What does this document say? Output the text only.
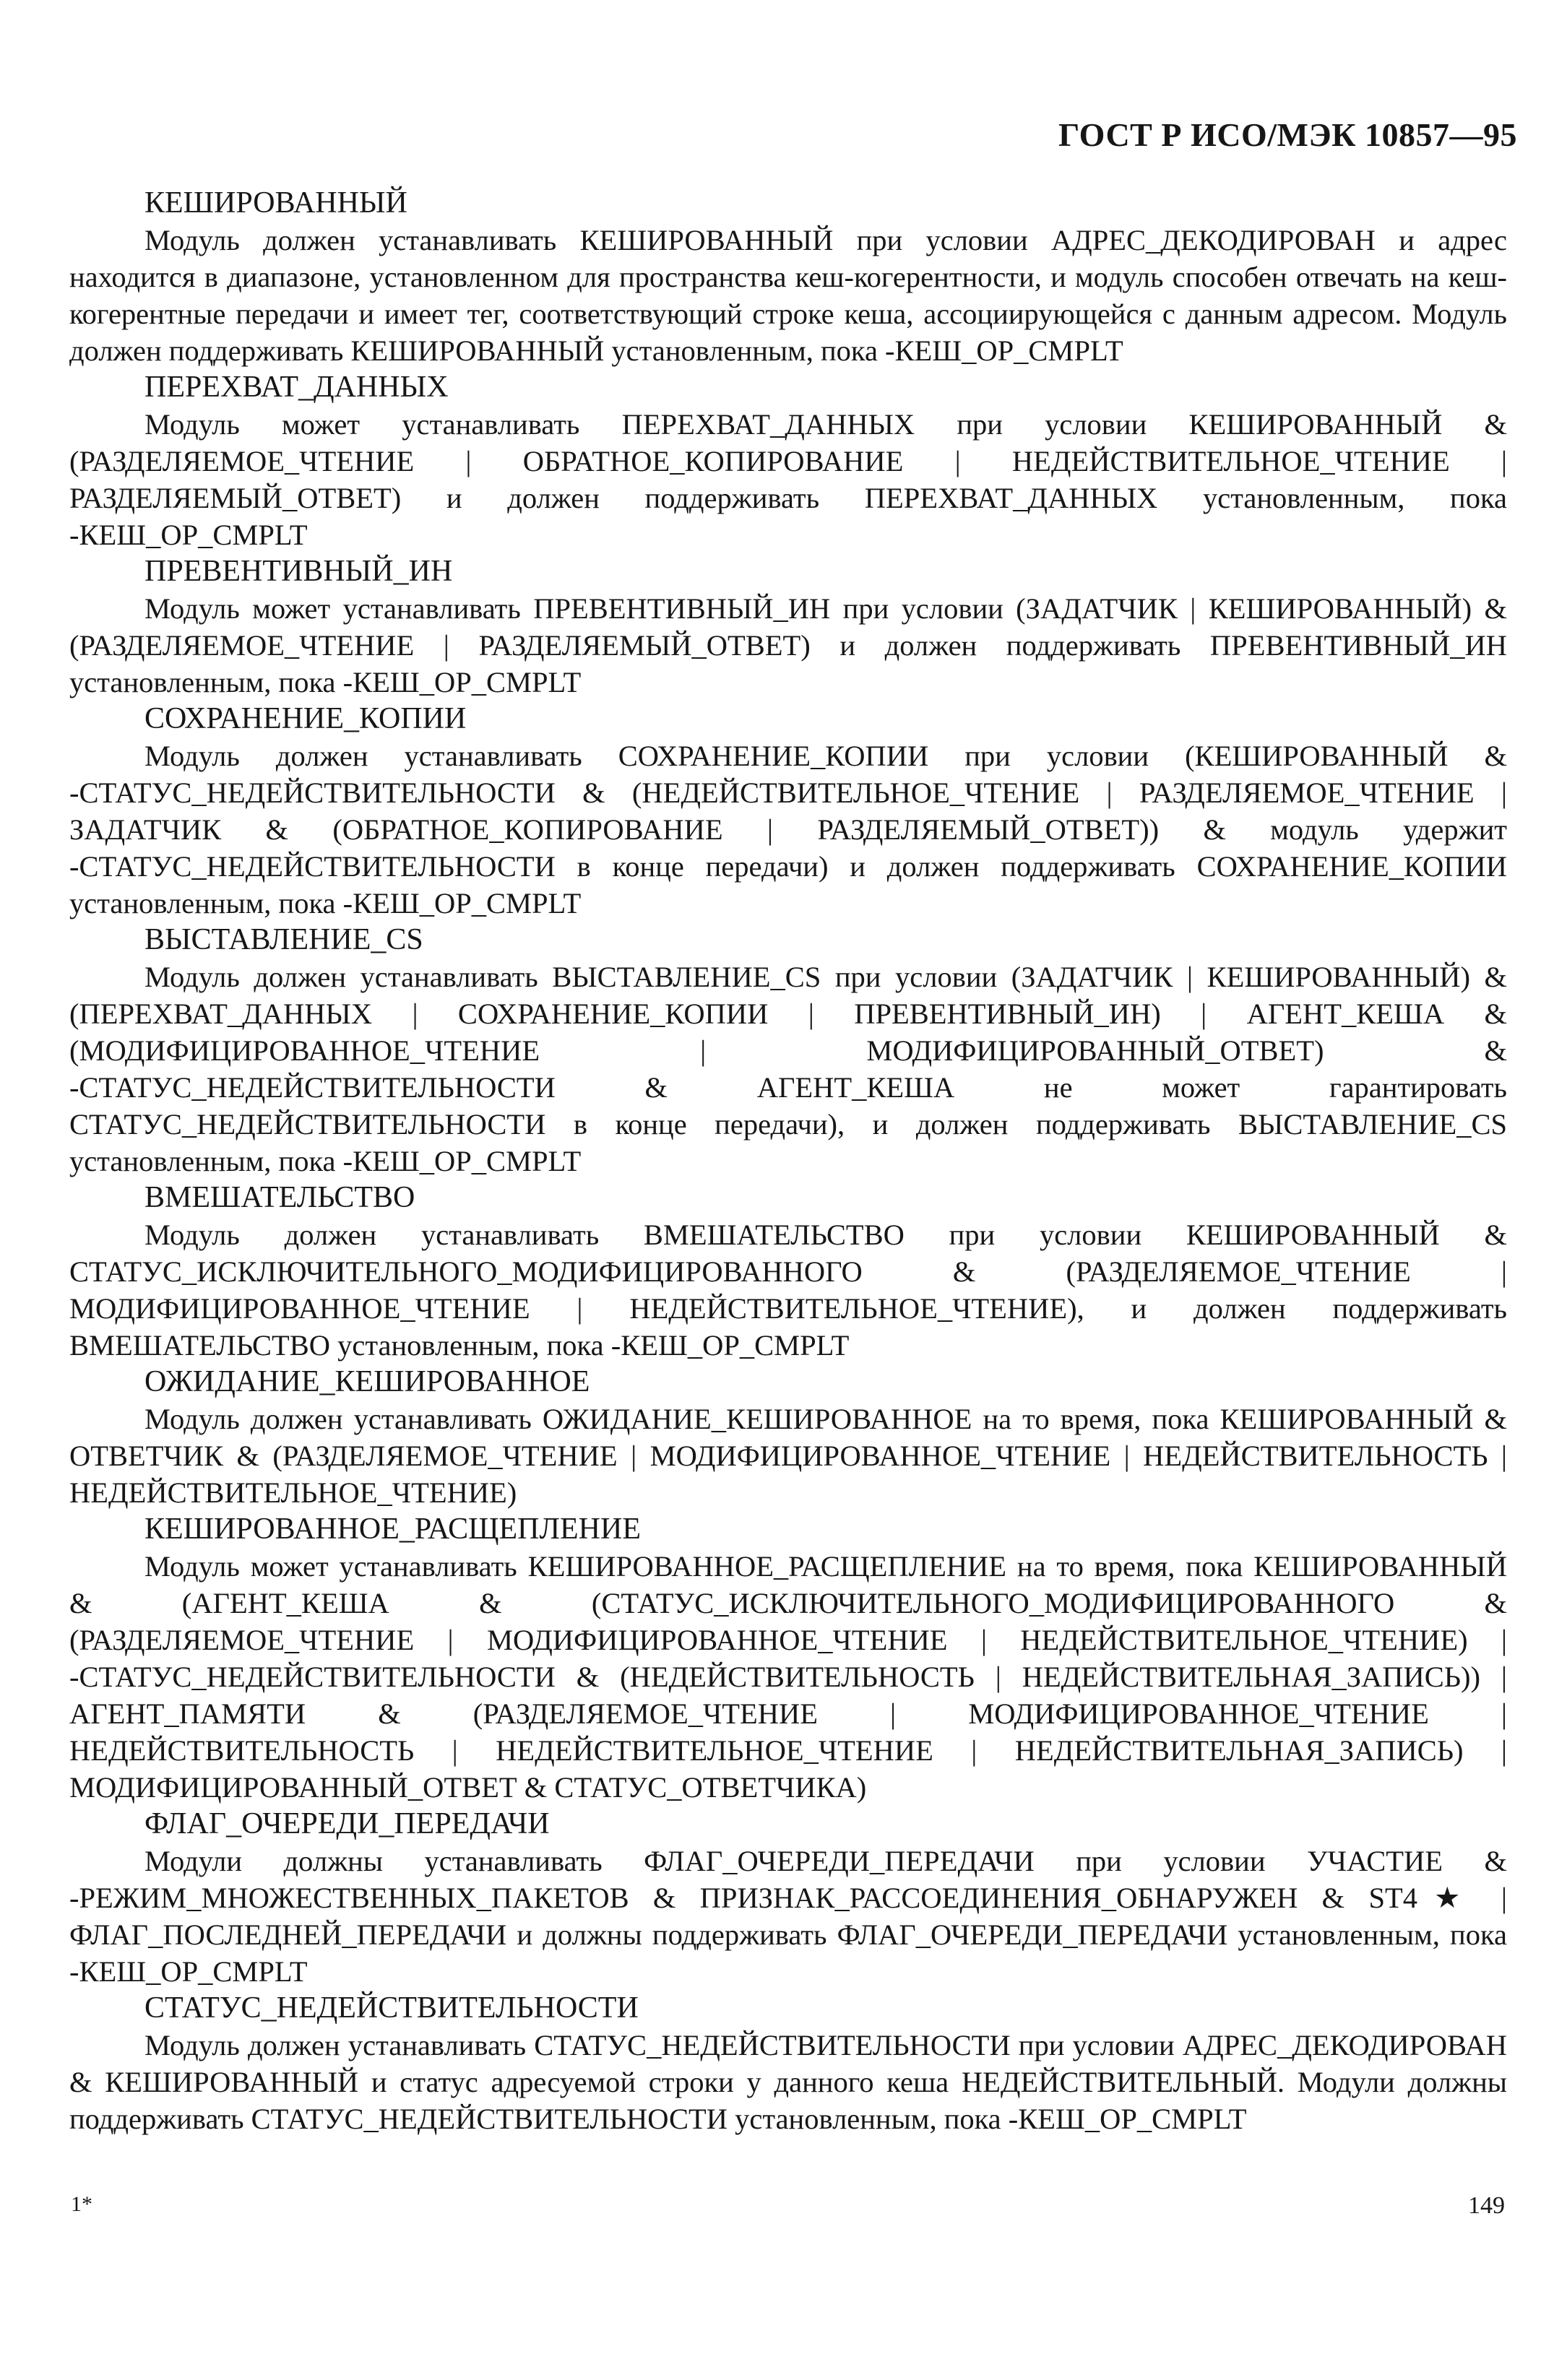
ГОСТ Р ИСО/МЭК 10857—95
КЕШИРОВАННЫЙ

Модуль должен устанавливать КЕШИРОВАННЫЙ при условии АДРЕС_ДЕКОДИРОВАН и адрес находится в диапазоне, установленном для пространства кеш-когерентности, и модуль способен отвечать на кеш-когерентные передачи и имеет тег, соответствующий строке кеша, ассоциирующейся с данным адресом. Модуль должен поддерживать КЕШИРОВАННЫЙ установленным, пока -КЕШ_ОР_CMPLT

ПЕРЕХВАТ_ДАННЫХ

Модуль может устанавливать ПЕРЕХВАТ_ДАННЫХ при условии КЕШИРОВАННЫЙ & (РАЗДЕЛЯЕМОЕ_ЧТЕНИЕ | ОБРАТНОЕ_КОПИРОВАНИЕ | НЕДЕЙСТВИТЕЛЬНОЕ_ЧТЕНИЕ | РАЗДЕЛЯЕМЫЙ_ОТВЕТ) и должен поддерживать ПЕРЕХВАТ_ДАННЫХ установленным, пока -КЕШ_ОР_CMPLT

ПРЕВЕНТИВНЫЙ_ИН

Модуль может устанавливать ПРЕВЕНТИВНЫЙ_ИН при условии (ЗАДАТЧИК | КЕШИРОВАННЫЙ) & (РАЗДЕЛЯЕМОЕ_ЧТЕНИЕ | РАЗДЕЛЯЕМЫЙ_ОТВЕТ) и должен поддерживать ПРЕВЕНТИВНЫЙ_ИН установленным, пока -КЕШ_ОР_CMPLT

СОХРАНЕНИЕ_КОПИИ

Модуль должен устанавливать СОХРАНЕНИЕ_КОПИИ при условии (КЕШИРОВАННЫЙ & -СТАТУС_НЕДЕЙСТВИТЕЛЬНОСТИ & (НЕДЕЙСТВИТЕЛЬНОЕ_ЧТЕНИЕ | РАЗДЕЛЯЕМОЕ_ЧТЕНИЕ | ЗАДАТЧИК & (ОБРАТНОЕ_КОПИРОВАНИЕ | РАЗДЕЛЯЕМЫЙ_ОТВЕТ)) & модуль удержит -СТАТУС_НЕДЕЙСТВИТЕЛЬНОСТИ в конце передачи) и должен поддерживать СОХРАНЕНИЕ_КОПИИ установленным, пока -КЕШ_ОР_CMPLT

ВЫСТАВЛЕНИЕ_CS

Модуль должен устанавливать ВЫСТАВЛЕНИЕ_CS при условии (ЗАДАТЧИК | КЕШИРОВАННЫЙ) & (ПЕРЕХВАТ_ДАННЫХ | СОХРАНЕНИЕ_КОПИИ | ПРЕВЕНТИВНЫЙ_ИН) | АГЕНТ_КЕША & (МОДИФИЦИРОВАННОЕ_ЧТЕНИЕ | МОДИФИЦИРОВАННЫЙ_ОТВЕТ) & -СТАТУС_НЕДЕЙСТВИТЕЛЬНОСТИ & АГЕНТ_КЕША не может гарантировать СТАТУС_НЕДЕЙСТВИТЕЛЬНОСТИ в конце передачи), и должен поддерживать ВЫСТАВЛЕНИЕ_CS установленным, пока -КЕШ_ОР_CMPLT

ВМЕШАТЕЛЬСТВО

Модуль должен устанавливать ВМЕШАТЕЛЬСТВО при условии КЕШИРОВАННЫЙ & СТАТУС_ИСКЛЮЧИТЕЛЬНОГО_МОДИФИЦИРОВАННОГО & (РАЗДЕЛЯЕМОЕ_ЧТЕНИЕ | МОДИФИЦИРОВАННОЕ_ЧТЕНИЕ | НЕДЕЙСТВИТЕЛЬНОЕ_ЧТЕНИЕ), и должен поддерживать ВМЕШАТЕЛЬСТВО установленным, пока -КЕШ_ОР_CMPLT

ОЖИДАНИЕ_КЕШИРОВАННОЕ

Модуль должен устанавливать ОЖИДАНИЕ_КЕШИРОВАННОЕ на то время, пока КЕШИРОВАННЫЙ & ОТВЕТЧИК & (РАЗДЕЛЯЕМОЕ_ЧТЕНИЕ | МОДИФИЦИРОВАННОЕ_ЧТЕНИЕ | НЕДЕЙСТВИТЕЛЬНОСТЬ | НЕДЕЙСТВИТЕЛЬНОЕ_ЧТЕНИЕ)

КЕШИРОВАННОЕ_РАСЩЕПЛЕНИЕ

Модуль может устанавливать КЕШИРОВАННОЕ_РАСЩЕПЛЕНИЕ на то время, пока КЕШИРОВАННЫЙ & (АГЕНТ_КЕША & (СТАТУС_ИСКЛЮЧИТЕЛЬНОГО_МОДИФИЦИРОВАННОГО & (РАЗДЕЛЯЕМОЕ_ЧТЕНИЕ | МОДИФИЦИРОВАННОЕ_ЧТЕНИЕ | НЕДЕЙСТВИТЕЛЬНОЕ_ЧТЕНИЕ) | -СТАТУС_НЕДЕЙСТВИТЕЛЬНОСТИ & (НЕДЕЙСТВИТЕЛЬНОСТЬ | НЕДЕЙСТВИТЕЛЬНАЯ_ЗАПИСЬ)) | АГЕНТ_ПАМЯТИ & (РАЗДЕЛЯЕМОЕ_ЧТЕНИЕ | МОДИФИЦИРОВАННОЕ_ЧТЕНИЕ | НЕДЕЙСТВИТЕЛЬНОСТЬ | НЕДЕЙСТВИТЕЛЬНОЕ_ЧТЕНИЕ | НЕДЕЙСТВИТЕЛЬНАЯ_ЗАПИСЬ) | МОДИФИЦИРОВАННЫЙ_ОТВЕТ & СТАТУС_ОТВЕТЧИКА)

ФЛАГ_ОЧЕРЕДИ_ПЕРЕДАЧИ

Модули должны устанавливать ФЛАГ_ОЧЕРЕДИ_ПЕРЕДАЧИ при условии УЧАСТИЕ & -РЕЖИМ_МНОЖЕСТВЕННЫХ_ПАКЕТОВ & ПРИЗНАК_РАССОЕДИНЕНИЯ_ОБНАРУЖЕН & ST4★ | ФЛАГ_ПОСЛЕДНЕЙ_ПЕРЕДАЧИ и должны поддерживать ФЛАГ_ОЧЕРЕДИ_ПЕРЕДАЧИ установленным, пока -КЕШ_ОР_CMPLT

СТАТУС_НЕДЕЙСТВИТЕЛЬНОСТИ

Модуль должен устанавливать СТАТУС_НЕДЕЙСТВИТЕЛЬНОСТИ при условии АДРЕС_ДЕКОДИРОВАН & КЕШИРОВАННЫЙ и статус адресуемой строки у данного кеша НЕДЕЙСТВИТЕЛЬНЫЙ. Модули должны поддерживать СТАТУС_НЕДЕЙСТВИТЕЛЬНОСТИ установленным, пока -КЕШ_ОР_CMPLT

1*	149
